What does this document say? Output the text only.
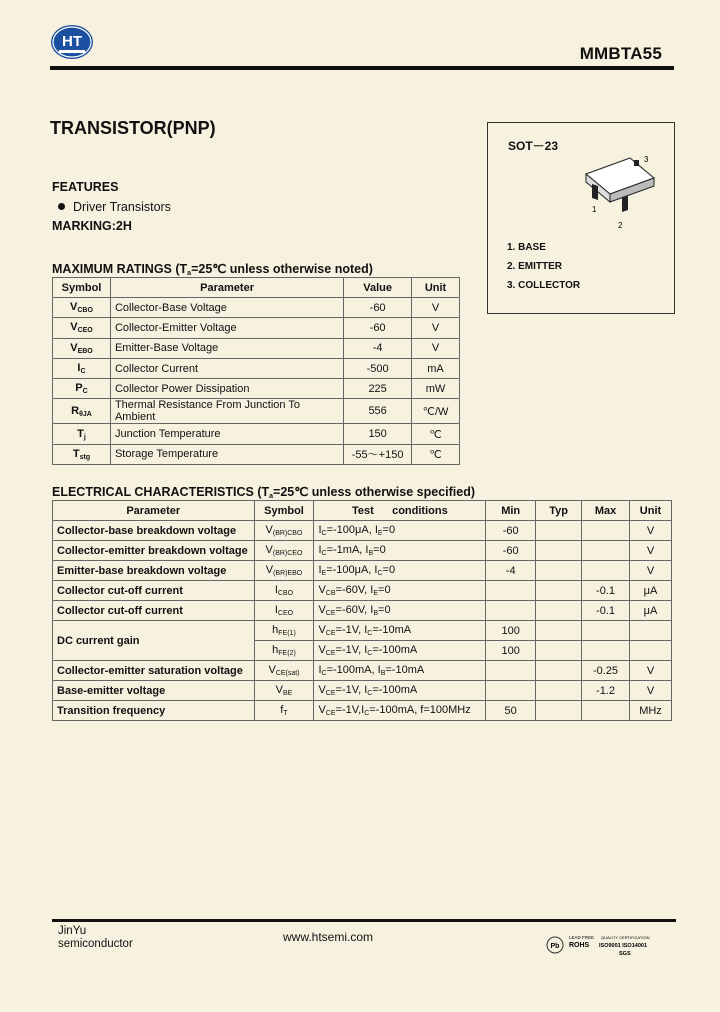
HT
MMBTA55
TRANSISTOR(PNP)
SOT－23
3
1
2
1. BASE
2. EMITTER
3. COLLECTOR
FEATURES
Driver Transistors
MARKING:2H
MAXIMUM RATINGS ($T_a=25℃$ unless otherwise noted)
Symbol	Parameter	Value	Unit
$V_{CBO}$	Collector-Base Voltage	-60	V
$V_{CEO}$	Collector-Emitter Voltage	-60	V
$V_{EBO}$	Emitter-Base Voltage	-4	V
$I_C$	Collector Current	-500	mA
$P_C$	Collector Power Dissipation	225	mW
$R_{\theta JA}$	Thermal Resistance From Junction To Ambient	556	℃/W
$T_j$	Junction Temperature	150	℃
$T_{stg}$	Storage Temperature	-55～+150	℃
ELECTRICAL CHARACTERISTICS ($T_a=25℃$ unless otherwise specified)
Parameter	Symbol	Test      conditions	Min	Typ	Max	Unit
Collector-base breakdown voltage	$V_{(BR)CBO}$	$I_C=-100\mu A$, $I_E=0$	-60			V
Collector-emitter breakdown voltage	$V_{(BR)CEO}$	$I_C=-1mA$, $I_B=0$	-60			V
Emitter-base breakdown voltage	$V_{(BR)EBO}$	$I_E=-100\mu A$, $I_C=0$	-4			V
Collector cut-off current	$I_{CBO}$	$V_{CB}=-60V$, $I_E=0$			-0.1	μA
Collector cut-off current	$I_{CEO}$	$V_{CE}=-60V$, $I_B=0$			-0.1	μA
DC current gain	$h_{FE(1)}$	$V_{CE}=-1V$, $I_C=-10mA$	100			
	$h_{FE(2)}$	$V_{CE}=-1V$, $I_C=-100mA$	100			
Collector-emitter saturation voltage	$V_{CE(sat)}$	$I_C=-100mA$, $I_B=-10mA$			-0.25	V
Base-emitter voltage	$V_{BE}$	$V_{CE}=-1V$, $I_C=-100mA$			-1.2	V
Transition frequency	$f_T$	$V_{CE}=-1V,I_C=-100mA$, f=100MHz	50			MHz
JinYu
semiconductor	www.htsemi.com
Pb
LEAD FREE
ROHS
QUALITY CERTIFICATION
ISO9001 ISO14001
SGS
